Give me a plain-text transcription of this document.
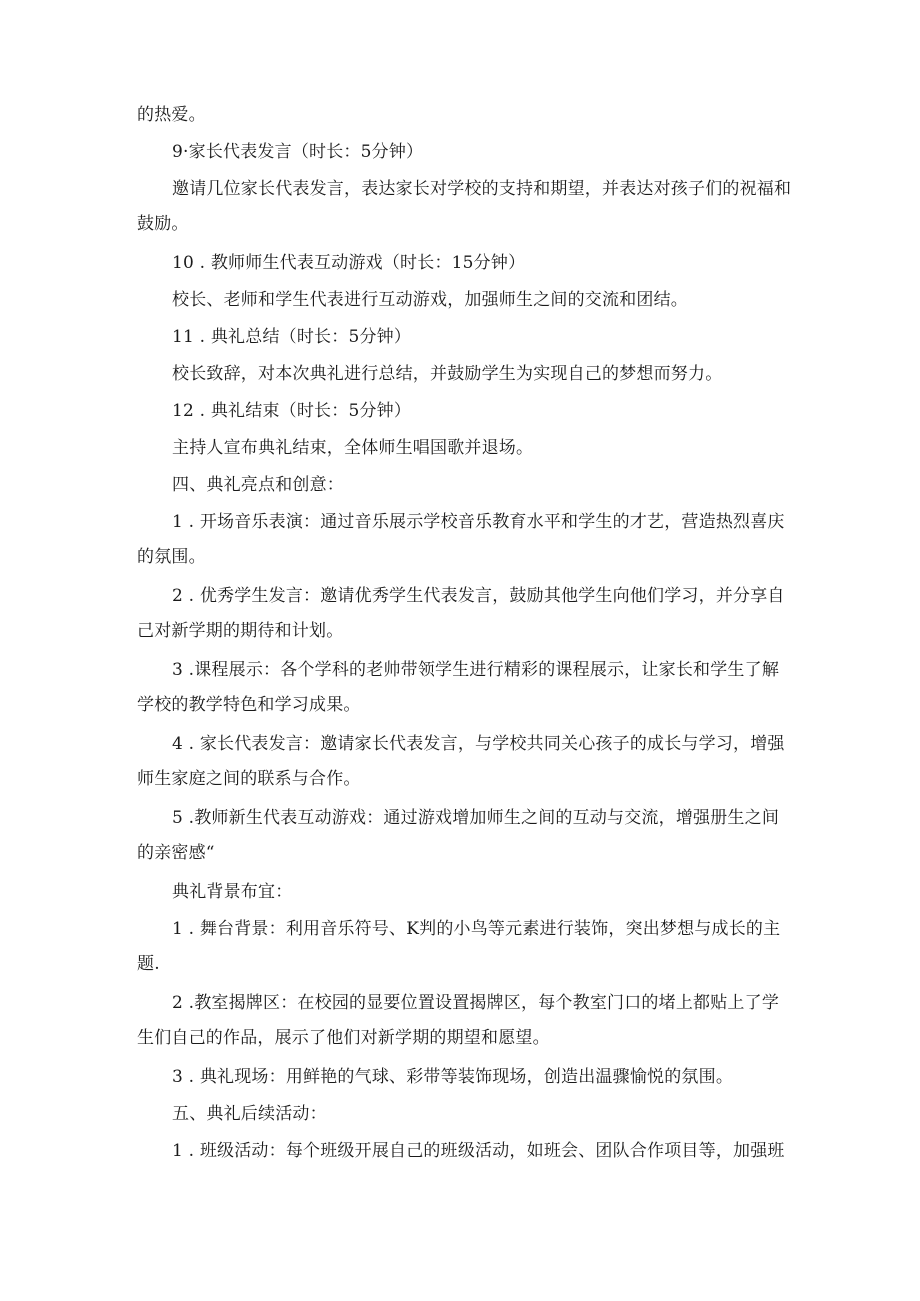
的热爱。
9·家长代表发言（时长：5分钟）
邀请几位家长代表发言，表达家长对学校的支持和期望，并表达对孩子们的祝福和
鼓励。
10 . 教师师生代表互动游戏（时长：15分钟）
校长、老师和学生代表进行互动游戏，加强师生之间的交流和团结。
11 . 典礼总结（时长：5分钟）
校长致辞，对本次典礼进行总结，并鼓励学生为实现自己的梦想而努力。
12 . 典礼结束（时长：5分钟）
主持人宣布典礼结束，全体师生唱国歌并退场。
四、典礼亮点和创意：
1 . 开场音乐表演：通过音乐展示学校音乐教育水平和学生的才艺，营造热烈喜庆
的氛围。
2 . 优秀学生发言：邀请优秀学生代表发言，鼓励其他学生向他们学习，并分享自
己对新学期的期待和计划。
3 .课程展示：各个学科的老帅带领学生进行精彩的课程展示，让家长和学生了解
学校的教学特色和学习成果。
4 . 家长代表发言：邀请家长代表发言，与学校共同关心孩子的成长与学习，增强
师生家庭之间的联系与合作。
5 .教师新生代表互动游戏：通过游戏增加师生之间的互动与交流，增强册生之间
的亲密感“
典礼背景布宜：
1 . 舞台背景：利用音乐符号、K判的小鸟等元素进行装饰，突出梦想与成长的主
题.
2 .教室揭牌区：在校园的显要位置设置揭牌区，每个教室门口的堵上都贴上了学
生们自己的作品，展示了他们对新学期的期望和愿望。
3 . 典礼现场：用鲜艳的气球、彩带等装饰现场，创造出温骤愉悦的氛围。
五、典礼后续活动：
1 . 班级活动：每个班级开展自己的班级活动，如班会、团队合作项目等，加强班
